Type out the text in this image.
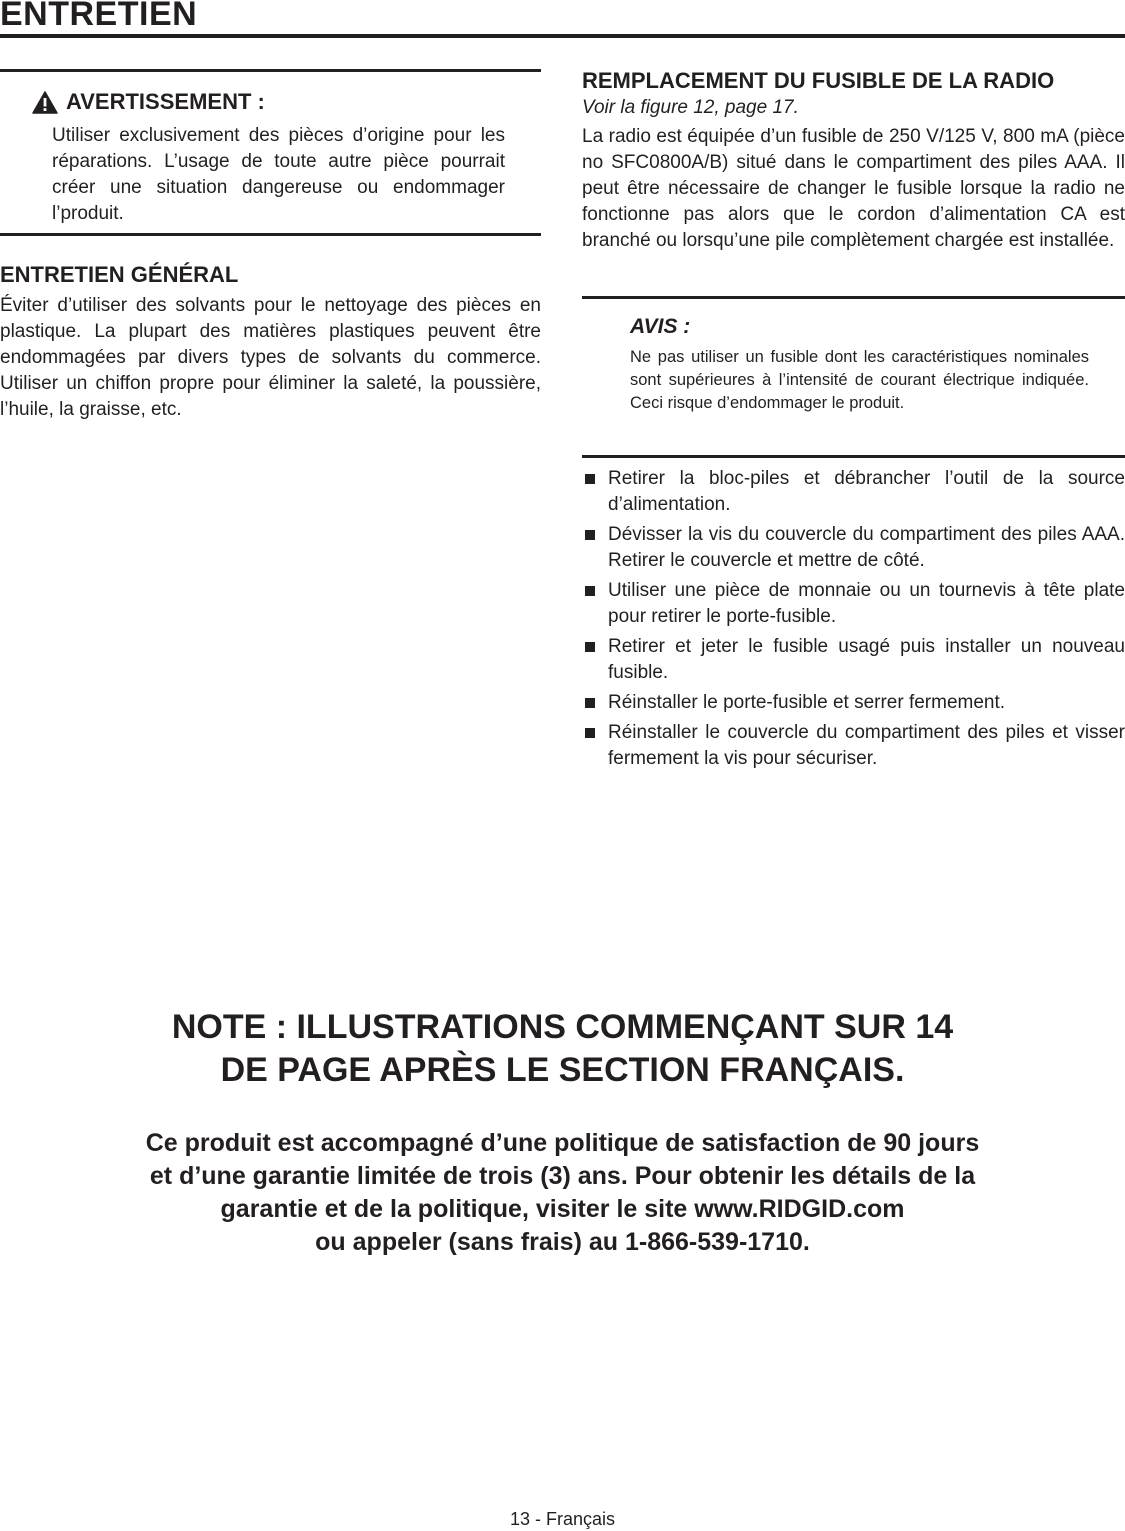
ENTRETIEN
AVERTISSEMENT :
Utiliser exclusivement des pièces d’origine pour les réparations. L’usage de toute autre pièce pourrait créer une situation dangereuse ou endommager l’produit.
ENTRETIEN GÉNÉRAL
Éviter d’utiliser des solvants pour le nettoyage des pièces en plastique. La plupart des matières plastiques peuvent être endommagées par divers types de solvants du commerce. Utiliser un chiffon propre pour éliminer la saleté, la poussière, l’huile, la graisse, etc.
REMPLACEMENT DU FUSIBLE DE LA RADIO
Voir la figure 12, page 17.
La radio est équipée d’un fusible de 250 V/125 V, 800 mA (pièce no SFC0800A/B) situé dans le compartiment des piles AAA. Il peut être nécessaire de changer le fusible lorsque la radio ne fonctionne pas alors que le cordon d’alimentation CA est branché ou lorsqu’une pile complètement chargée est installée.
AVIS :
Ne pas utiliser un fusible dont les caractéristiques nominales sont supérieures à l’intensité de courant électrique indiquée. Ceci risque d’endommager le produit.
Retirer la bloc-piles et débrancher l’outil de la source d’alimentation.
Dévisser la vis du couvercle du compartiment des piles AAA. Retirer le couvercle et mettre de côté.
Utiliser une pièce de monnaie ou un tournevis à tête plate pour retirer le porte-fusible.
Retirer et jeter le fusible usagé puis installer un nouveau fusible.
Réinstaller le porte-fusible et serrer fermement.
Réinstaller le couvercle du compartiment des piles et visser fermement la vis pour sécuriser.
NOTE : ILLUSTRATIONS COMMENÇANT SUR 14
DE PAGE APRÈS LE SECTION FRANÇAIS.
Ce produit est accompagné d’une politique de satisfaction de 90 jours
et d’une garantie limitée de trois (3) ans. Pour obtenir les détails de la
garantie et de la politique, visiter le site www.RIDGID.com
ou appeler (sans frais) au 1-866-539-1710.
13 - Français
